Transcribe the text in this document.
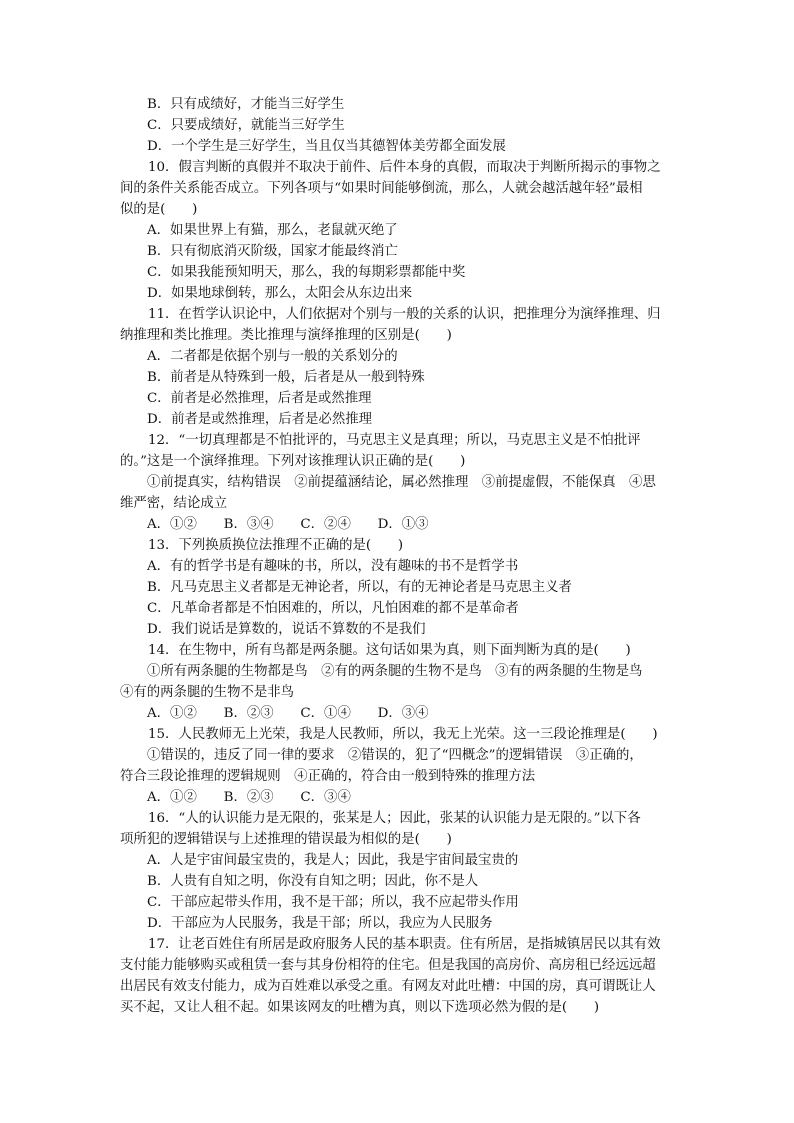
B．只有成绩好，才能当三好学生
C．只要成绩好，就能当三好学生
D．一个学生是三好学生，当且仅当其德智体美劳都全面发展
10．假言判断的真假并不取决于前件、后件本身的真假，而取决于判断所揭示的事物之
间的条件关系能否成立。下列各项与“如果时间能够倒流，那么，人就会越活越年轻”最相
似的是(　　)
A．如果世界上有猫，那么，老鼠就灭绝了
B．只有彻底消灭阶级，国家才能最终消亡
C．如果我能预知明天，那么，我的每期彩票都能中奖
D．如果地球倒转，那么，太阳会从东边出来
11．在哲学认识论中，人们依据对个别与一般的关系的认识，把推理分为演绎推理、归
纳推理和类比推理。类比推理与演绎推理的区别是(　　)
A．二者都是依据个别与一般的关系划分的
B．前者是从特殊到一般，后者是从一般到特殊
C．前者是必然推理，后者是或然推理
D．前者是或然推理，后者是必然推理
12．“一切真理都是不怕批评的，马克思主义是真理；所以，马克思主义是不怕批评
的。”这是一个演绎推理。下列对该推理认识正确的是(　　)
①前提真实，结构错误　②前提蕴涵结论，属必然推理　③前提虚假，不能保真　④思
维严密，结论成立
A．①②　　B．③④　　C．②④　　D．①③
13．下列换质换位法推理不正确的是(　　)
A．有的哲学书是有趣味的书，所以，没有趣味的书不是哲学书
B．凡马克思主义者都是无神论者，所以，有的无神论者是马克思主义者
C．凡革命者都是不怕困难的，所以，凡怕困难的都不是革命者
D．我们说话是算数的，说话不算数的不是我们
14．在生物中，所有鸟都是两条腿。这句话如果为真，则下面判断为真的是(　　)
①所有两条腿的生物都是鸟　②有的两条腿的生物不是鸟　③有的两条腿的生物是鸟
④有的两条腿的生物不是非鸟
A．①②　　B．②③　　C．①④　　D．③④
15．人民教师无上光荣，我是人民教师，所以，我无上光荣。这一三段论推理是(　　)
①错误的，违反了同一律的要求　②错误的，犯了“四概念”的逻辑错误　③正确的，
符合三段论推理的逻辑规则　④正确的，符合由一般到特殊的推理方法
A．①②　　B．②③　　C．③④
16．“人的认识能力是无限的，张某是人；因此，张某的认识能力是无限的。”以下各
项所犯的逻辑错误与上述推理的错误最为相似的是(　　)
A．人是宇宙间最宝贵的，我是人；因此，我是宇宙间最宝贵的
B．人贵有自知之明，你没有自知之明；因此，你不是人
C．干部应起带头作用，我不是干部；所以，我不应起带头作用
D．干部应为人民服务，我是干部；所以，我应为人民服务
17．让老百姓住有所居是政府服务人民的基本职责。住有所居，是指城镇居民以其有效
支付能力能够购买或租赁一套与其身份相符的住宅。但是我国的高房价、高房租已经远远超
出居民有效支付能力，成为百姓难以承受之重。有网友对此吐槽：中国的房，真可谓既让人
买不起，又让人租不起。如果该网友的吐槽为真，则以下选项必然为假的是(　　)
